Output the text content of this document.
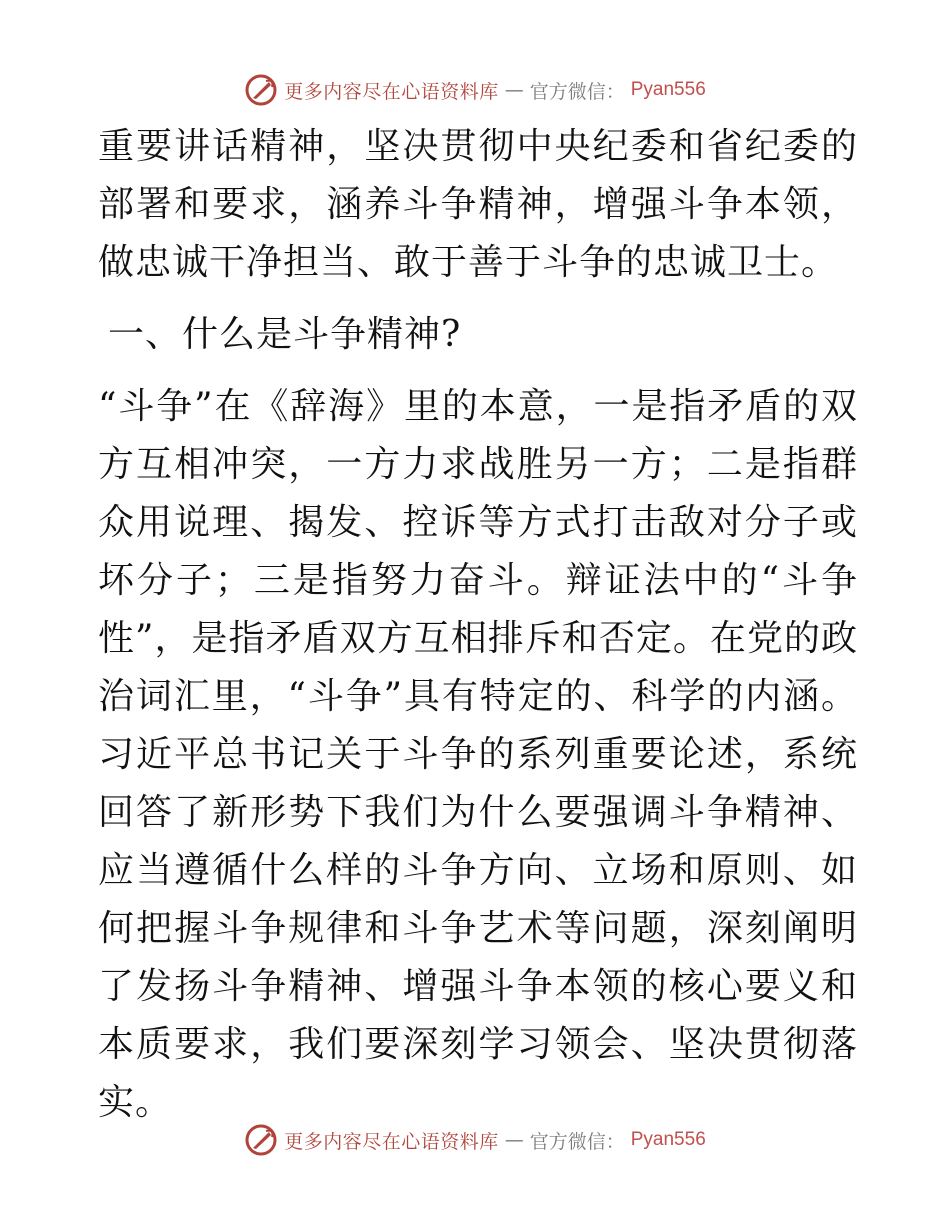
更多内容尽在心语资料库 — 官方微信： Pyan556

重要讲话精神，坚决贯彻中央纪委和省纪委的部署和要求，涵养斗争精神，增强斗争本领，做忠诚干净担当、敢于善于斗争的忠诚卫士。

一、什么是斗争精神?

“斗争”在《辞海》里的本意，一是指矛盾的双方互相冲突，一方力求战胜另一方；二是指群众用说理、揭发、控诉等方式打击敌对分子或坏分子；三是指努力奋斗。辩证法中的“斗争性”，是指矛盾双方互相排斥和否定。在党的政治词汇里，“斗争”具有特定的、科学的内涵。习近平总书记关于斗争的系列重要论述，系统回答了新形势下我们为什么要强调斗争精神、应当遵循什么样的斗争方向、立场和原则、如何把握斗争规律和斗争艺术等问题，深刻阐明了发扬斗争精神、增强斗争本领的核心要义和本质要求，我们要深刻学习领会、坚决贯彻落实。

更多内容尽在心语资料库 — 官方微信： Pyan556
